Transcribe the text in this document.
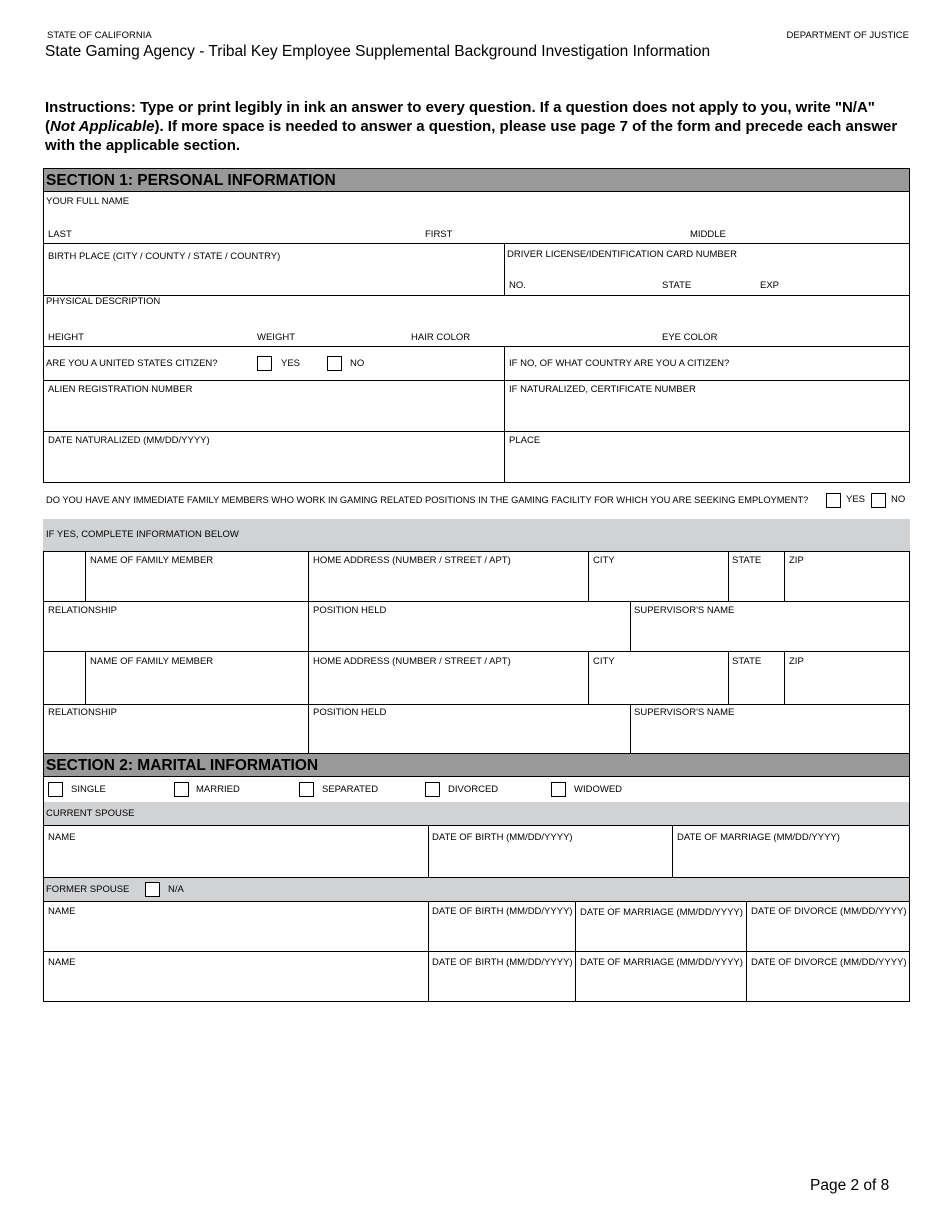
STATE OF CALIFORNIA	DEPARTMENT OF JUSTICE
State Gaming Agency - Tribal Key Employee Supplemental Background Investigation Information
Instructions: Type or print legibly in ink an answer to every question. If a question does not apply to you, write "N/A" (Not Applicable). If more space is needed to answer a question, please use page 7 of the form and precede each answer with the applicable section.
SECTION 1: PERSONAL INFORMATION
YOUR FULL NAME
LAST	FIRST	MIDDLE
BIRTH PLACE (CITY / COUNTY / STATE / COUNTRY)	DRIVER LICENSE/IDENTIFICATION CARD NUMBER
NO.	STATE	EXP
PHYSICAL DESCRIPTION
HEIGHT	WEIGHT	HAIR COLOR	EYE COLOR
ARE YOU A UNITED STATES CITIZEN?	YES	NO	IF NO, OF WHAT COUNTRY ARE YOU A CITIZEN?
ALIEN REGISTRATION NUMBER	IF NATURALIZED, CERTIFICATE NUMBER
DATE NATURALIZED (MM/DD/YYYY)	PLACE
DO YOU HAVE ANY IMMEDIATE FAMILY MEMBERS WHO WORK IN GAMING RELATED POSITIONS IN THE GAMING FACILITY FOR WHICH YOU ARE SEEKING EMPLOYMENT?	YES	NO
IF YES, COMPLETE INFORMATION BELOW
NAME OF FAMILY MEMBER	HOME ADDRESS (NUMBER / STREET / APT)	CITY	STATE	ZIP
RELATIONSHIP	POSITION HELD	SUPERVISOR'S NAME
NAME OF FAMILY MEMBER	HOME ADDRESS (NUMBER / STREET / APT)	CITY	STATE	ZIP
RELATIONSHIP	POSITION HELD	SUPERVISOR'S NAME
SECTION 2: MARITAL INFORMATION
SINGLE	MARRIED	SEPARATED	DIVORCED	WIDOWED
CURRENT SPOUSE
NAME	DATE OF BIRTH (MM/DD/YYYY)	DATE OF MARRIAGE (MM/DD/YYYY)
FORMER SPOUSE	N/A
NAME	DATE OF BIRTH (MM/DD/YYYY) DATE OF MARRIAGE (MM/DD/YYYY) DATE OF DIVORCE (MM/DD/YYYY)
NAME	DATE OF BIRTH (MM/DD/YYYY) DATE OF MARRIAGE (MM/DD/YYYY) DATE OF DIVORCE (MM/DD/YYYY)
Page 2 of 8
